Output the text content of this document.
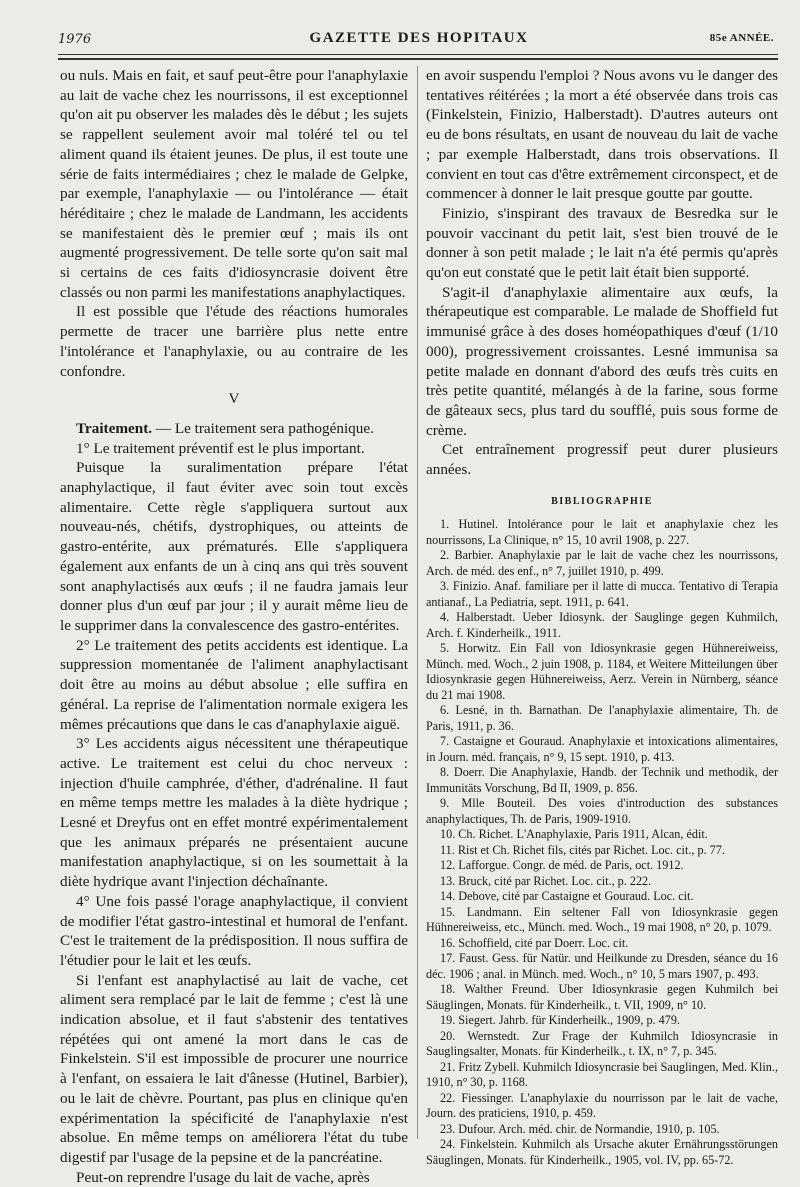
1976	GAZETTE DES HOPITAUX	85e ANNÉE.

ou nuls. Mais en fait, et sauf peut-être pour l'anaphylaxie au lait de vache chez les nourrissons, il est exceptionnel qu'on ait pu observer les malades dès le début ; les sujets se rappellent seulement avoir mal toléré tel ou tel aliment quand ils étaient jeunes. De plus, il est toute une série de faits intermédiaires ; chez le malade de Gelpke, par exemple, l'anaphylaxie — ou l'intolérance — était héréditaire ; chez le malade de Landmann, les accidents se manifestaient dès le premier œuf ; mais ils ont augmenté progressivement. De telle sorte qu'on sait mal si certains de ces faits d'idiosyncrasie doivent être classés ou non parmi les manifestations anaphylactiques.

Il est possible que l'étude des réactions humorales permette de tracer une barrière plus nette entre l'intolérance et l'anaphylaxie, ou au contraire de les confondre.

V

Traitement. — Le traitement sera pathogénique.

1° Le traitement préventif est le plus important.

Puisque la suralimentation prépare l'état anaphylactique, il faut éviter avec soin tout excès alimentaire. Cette règle s'appliquera surtout aux nouveau-nés, chétifs, dystrophiques, ou atteints de gastro-entérite, aux prématurés. Elle s'appliquera également aux enfants de un à cinq ans qui très souvent sont anaphylactisés aux œufs ; il ne faudra jamais leur donner plus d'un œuf par jour ; il y aurait même lieu de le supprimer dans la convalescence des gastro-entérites.

2° Le traitement des petits accidents est identique. La suppression momentanée de l'aliment anaphylactisant doit être au moins au début absolue ; elle suffira en général. La reprise de l'alimentation normale exigera les mêmes précautions que dans le cas d'anaphylaxie aiguë.

3° Les accidents aigus nécessitent une thérapeutique active. Le traitement est celui du choc nerveux : injection d'huile camphrée, d'éther, d'adrénaline. Il faut en même temps mettre les malades à la diète hydrique ; Lesné et Dreyfus ont en effet montré expérimentalement que les animaux préparés ne présentaient aucune manifestation anaphylactique, si on les soumettait à la diète hydrique avant l'injection déchaînante.

4° Une fois passé l'orage anaphylactique, il convient de modifier l'état gastro-intestinal et humoral de l'enfant. C'est le traitement de la prédisposition. Il nous suffira de l'étudier pour le lait et les œufs.

Si l'enfant est anaphylactisé au lait de vache, cet aliment sera remplacé par le lait de femme ; c'est là une indication absolue, et il faut s'abstenir des tentatives répétées qui ont amené la mort dans le cas de Finkelstein. S'il est impossible de procurer une nourrice à l'enfant, on essaiera le lait d'ânesse (Hutinel, Barbier), ou le lait de chèvre. Pourtant, pas plus en clinique qu'en expérimentation la spécificité de l'anaphylaxie n'est absolue. En même temps on améliorera l'état du tube digestif par l'usage de la pepsine et de la pancréatine.

Peut-on reprendre l'usage du lait de vache, après

en avoir suspendu l'emploi ? Nous avons vu le danger des tentatives réitérées ; la mort a été observée dans trois cas (Finkelstein, Finizio, Halberstadt). D'autres auteurs ont eu de bons résultats, en usant de nouveau du lait de vache ; par exemple Halberstadt, dans trois observations. Il convient en tout cas d'être extrêmement circonspect, et de commencer à donner le lait presque goutte par goutte.

Finizio, s'inspirant des travaux de Besredka sur le pouvoir vaccinant du petit lait, s'est bien trouvé de le donner à son petit malade ; le lait n'a été permis qu'après qu'on eut constaté que le petit lait était bien supporté.

S'agit-il d'anaphylaxie alimentaire aux œufs, la thérapeutique est comparable. Le malade de Shoffield fut immunisé grâce à des doses homéopathiques d'œuf (1/10 000), progressivement croissantes. Lesné immunisa sa petite malade en donnant d'abord des œufs très cuits en très petite quantité, mélangés à de la farine, sous forme de gâteaux secs, plus tard du soufflé, puis sous forme de crème.

Cet entraînement progressif peut durer plusieurs années.

BIBLIOGRAPHIE

1. Hutinel. Intolérance pour le lait et anaphylaxie chez les nourrissons, La Clinique, n° 15, 10 avril 1908, p. 227.

2. Barbier. Anaphylaxie par le lait de vache chez les nourrissons, Arch. de méd. des enf., n° 7, juillet 1910, p. 499.

3. Finizio. Anaf. familiare per il latte di mucca. Tentativo di Terapia antianaf., La Pediatria, sept. 1911, p. 641.

4. Halberstadt. Ueber Idiosynk. der Sauglinge gegen Kuhmilch, Arch. f. Kinderheilk., 1911.

5. Horwitz. Ein Fall von Idiosynkrasie gegen Hühnereiweiss, Münch. med. Woch., 2 juin 1908, p. 1184, et Weitere Mitteilungen über Idiosynkrasie gegen Hühnereiweiss, Aerz. Verein in Nürnberg, séance du 21 mai 1908.

6. Lesné, in th. Barnathan. De l'anaphylaxie alimentaire, Th. de Paris, 1911, p. 36.

7. Castaigne et Gouraud. Anaphylaxie et intoxications alimentaires, in Journ. méd. français, n° 9, 15 sept. 1910, p. 413.

8. Doerr. Die Anaphylaxie, Handb. der Technik und methodik, der Immunitäts Vorschung, Bd II, 1909, p. 856.

9. Mlle Bouteil. Des voies d'introduction des substances anaphylactiques, Th. de Paris, 1909-1910.

10. Ch. Richet. L'Anaphylaxie, Paris 1911, Alcan, édit.

11. Rist et Ch. Richet fils, cités par Richet. Loc. cit., p. 77.

12. Lafforgue. Congr. de méd. de Paris, oct. 1912.

13. Bruck, cité par Richet. Loc. cit., p. 222.

14. Debove, cité par Castaigne et Gouraud. Loc. cit.

15. Landmann. Ein seltener Fall von Idiosynkrasie gegen Hühnereiweiss, etc., Münch. med. Woch., 19 mai 1908, n° 20, p. 1079.

16. Schoffield, cité par Doerr. Loc. cit.

17. Faust. Gess. für Natür. und Heilkunde zu Dresden, séance du 16 déc. 1906 ; anal. in Münch. med. Woch., n° 10, 5 mars 1907, p. 493.

18. Walther Freund. Uber Idiosynkrasie gegen Kuhmilch bei Säuglingen, Monats. für Kinderheilk., t. VII, 1909, n° 10.

19. Siegert. Jahrb. für Kinderheilk., 1909, p. 479.

20. Wernstedt. Zur Frage der Kuhmilch Idiosyncrasie in Sauglingsalter, Monats. für Kinderheilk., t. IX, n° 7, p. 345.

21. Fritz Zybell. Kuhmilch Idiosyncrasie bei Sauglingen, Med. Klin., 1910, n° 30, p. 1168.

22. Fiessinger. L'anaphylaxie du nourrisson par le lait de vache, Journ. des praticiens, 1910, p. 459.

23. Dufour. Arch. méd. chir. de Normandie, 1910, p. 105.

24. Finkelstein. Kuhmilch als Ursache akuter Ernährungsstörungen Säuglingen, Monats. für Kinderheilk., 1905, vol. IV, pp. 65-72.
